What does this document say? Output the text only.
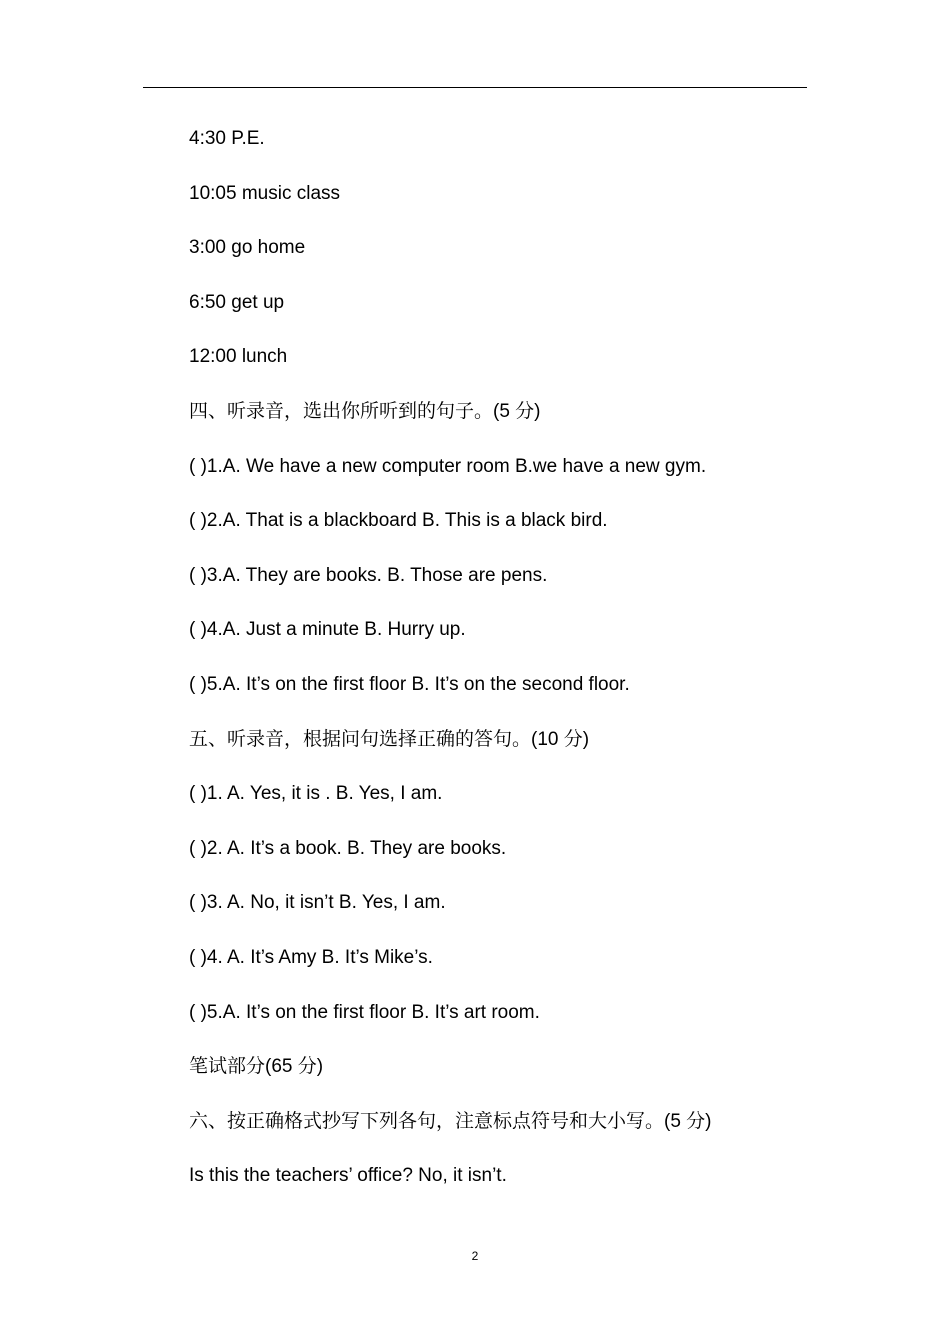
4:30 P.E.
10:05 music class
3:00 go home
6:50 get up
12:00 lunch
四、听录音，选出你所听到的句子。(5 分)
( )1.A. We have a new computer room B.we have a new gym.
( )2.A. That is a blackboard B. This is a black bird.
( )3.A. They are books. B. Those are pens.
( )4.A. Just a minute B. Hurry up.
( )5.A. It’s on the first floor B. It’s on the second floor.
五、听录音，根据问句选择正确的答句。(10 分)
( )1. A. Yes, it is . B. Yes, I am.
( )2. A. It’s a book. B. They are books.
( )3. A. No, it isn’t B. Yes, I am.
( )4. A. It’s Amy B. It’s Mike’s.
( )5.A. It’s on the first floor B. It’s art room.
笔试部分(65 分)
六、按正确格式抄写下列各句，注意标点符号和大小写。(5 分)
Is this the teachers’ office? No, it isn’t.
2
